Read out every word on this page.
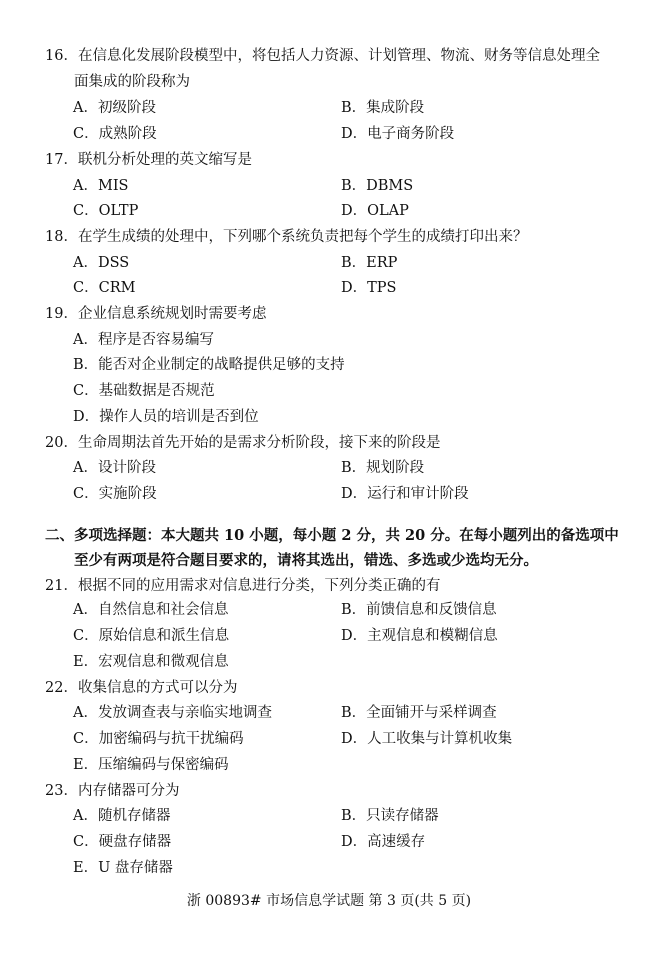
16．在信息化发展阶段模型中，将包括人力资源、计划管理、物流、财务等信息处理全
面集成的阶段称为
A．初级阶段	B．集成阶段
C．成熟阶段	D．电子商务阶段
17．联机分析处理的英文缩写是
A．MIS	B．DBMS
C．OLTP	D．OLAP
18．在学生成绩的处理中，下列哪个系统负责把每个学生的成绩打印出来？
A．DSS	B．ERP
C．CRM	D．TPS
19．企业信息系统规划时需要考虑
A．程序是否容易编写
B．能否对企业制定的战略提供足够的支持
C．基础数据是否规范
D．操作人员的培训是否到位
20．生命周期法首先开始的是需求分析阶段，接下来的阶段是
A．设计阶段	B．规划阶段
C．实施阶段	D．运行和审计阶段
二、多项选择题：本大题共 10 小题，每小题 2 分，共 20 分。在每小题列出的备选项中
至少有两项是符合题目要求的，请将其选出，错选、多选或少选均无分。
21．根据不同的应用需求对信息进行分类，下列分类正确的有
A．自然信息和社会信息	B．前馈信息和反馈信息
C．原始信息和派生信息	D．主观信息和模糊信息
E．宏观信息和微观信息
22．收集信息的方式可以分为
A．发放调查表与亲临实地调查	B．全面铺开与采样调查
C．加密编码与抗干扰编码	D．人工收集与计算机收集
E．压缩编码与保密编码
23．内存储器可分为
A．随机存储器	B．只读存储器
C．硬盘存储器	D．高速缓存
E．U 盘存储器
浙 00893# 市场信息学试题 第 3 页(共 5 页)
